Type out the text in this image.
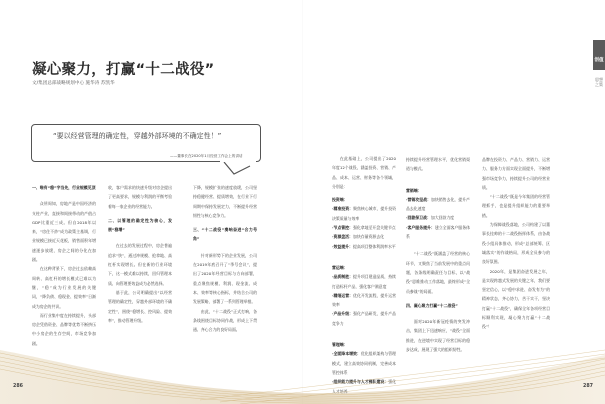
凝心聚力，打赢“十二战役”
文/集团总部战略规划中心 施华涛 苏凯华
“要以经营管理的确定性，穿越外部环境的不确定性！”
——董事长在2020年1月经营工作会上的讲话
一、唯有“稳”字当先，行业规模见顶

众所周知，房地产是中国经济的支柱产业，直接和间接带动的产值占GDP比重近三成。但自2018年以来，“房住不炒”成为政策主基调，行业规模已接近天花板，销售面积年增速逐步放缓，房企之间的分化在加剧。

在这种背景下，房企过去依赖高周转、高杠杆的增长模式已难以为继，“稳”成为行业发展的关键词，“降负债、稳现金、提效率”日渐成为房企的共识。

而行业集中度在持续提升，头部房企凭借资金、品牌等优势不断挤压中小房企的生存空间，市场竞争加剧。

收，客户需求的快速升级对房企提出了更高要求，规模与利润的平衡考验着每一家企业的经营能力。

二、以管理的确定性为核心，发展“稳增”

在过去的发展过程中，房企普遍追求“快”，通过冲规模、抢拿地、高杠杆实现增长。但在新的行业环境下，这一模式难以持续，回归管理本质、向管理要效益成为必然选择。

基于此，公司明确提出“以经营管理的确定性，穿越外部环境的不确定性”，围绕“稳增长、控风险、提效率”，推动管理升级。

下降，规模扩张的速度放缓，公司坚持稳健经营、提质增效，在行业下行周期中保持发展定力，不断提升经营韧性与核心竞争力。

三、“十二战役”奏响奋进“合力号角”

针对新形势下的企业发展，公司在2019年底召开了“季号会议”，提出了2020年经营目标与方向部署，重点聚焦规模、利润、现金流、成本、效率等核心指标，并结合公司的发展策略，部署了一系列管理举措。

由此，“十二战役”正式打响，各条线围绕目标协同作战，形成上下贯通、齐心合力的良好局面。

在此基础上，公司提出了2020年度12个战役，涵盖投资、营销、产品、成本、运营、财务等各个领域，分别是：

投资端：
·精准投资：聚焦核心城市，提升投资决策质量与效率
·节点管控：强化拿地至开盘关键节点
·资源盘活：加快存量资源去化
·效益提升：提高项目整体利润率水平
营运端：
·品质制胜：提升项目建造品质，持续打造标杆产品，强化客户满意度
·精细运营：优化开发流程，提升运营效率
·产品升级：强化产品研发，提升产品竞争力
管理端：
·全面降本增效：优化组织架构与管理模式，建立高效协同机制，完善成本管控体系
·组织能力提升与人才梯队建设：强化人才培养

持续提升经营管理水平，优化营销渠道与模式。

营销端：
·营销攻坚战：加快销售去化，提升产品去化速度
·回款保卫战：加大回款力度
·客户服务提升：建立全面客户服务体系

“十二战役”既涵盖了经营的核心环节，又聚焦了当前发展中的重点问题，各条线明确责任与目标，以“战役”思维推动工作落地，最终形成“全员参战”的局面。

四、凝心聚力打赢“十二战役”

面对2020年新冠疫情的突发冲击，集团上下迅速响应，“战役”全面推进，在逆境中实现了经营目标的稳步达成，展现了强大的组织韧性。

品牌在投资力、产品力、营销力、运营力、服务力方面实现全面提升，不断增强市场竞争力，持续提升公司的经营业绩。

“十二战役”既是今年集团的经营管理抓手，也是提升组织能力的重要举措。

为保障战役落地，公司构建了以董事长挂帅的十二战役指挥体系，由各战役小组具体推动，形成“总部统筹、区域落实”的作战格局，形成全员参与的良好氛围。

2020年，是集团奋进发展之年，是实现跨越式发展的关键之年，我们要坚定信心，以“稳中求进、奋发有为”的精神状态，齐心协力，苦干实干，坚决打赢“十二战役”，确保全年各项经营目标顺利实现，凝心聚力打赢“十二战役”！

创值
思想之策
286	287
